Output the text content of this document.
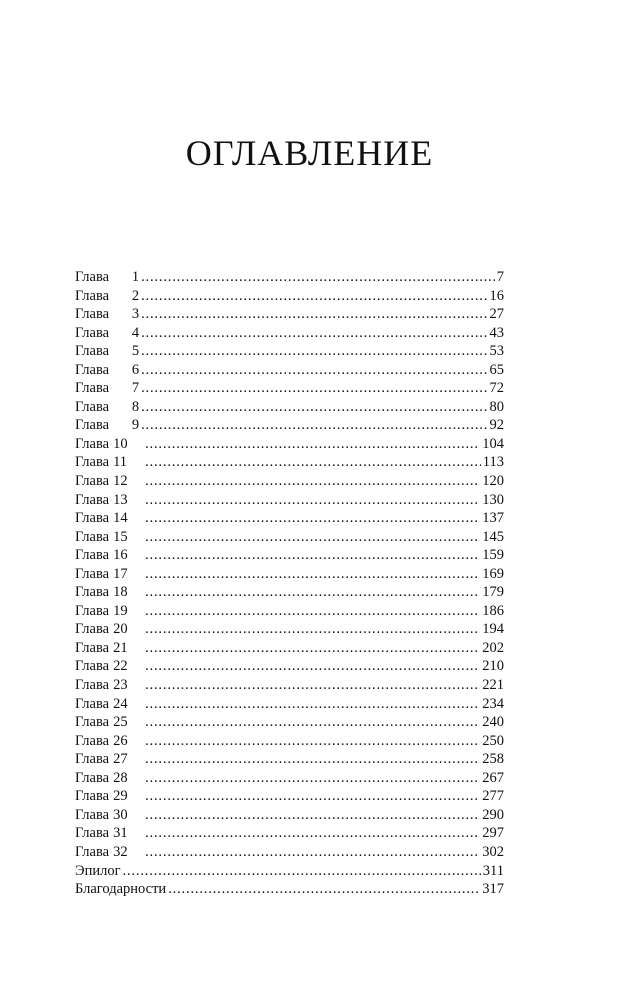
ОГЛАВЛЕНИЕ
Глава 1 . . .	7
Глава 2 . . .	16
Глава 3 . . .	27
Глава 4 . . .	43
Глава 5 . . .	53
Глава 6 . . .	65
Глава 7 . . .	72
Глава 8 . . .	80
Глава 9 . . .	92
Глава 10 . . .	104
Глава 11 . . .	113
Глава 12 . . .	120
Глава 13 . . .	130
Глава 14 . . .	137
Глава 15 . . .	145
Глава 16 . . .	159
Глава 17 . . .	169
Глава 18 . . .	179
Глава 19 . . .	186
Глава 20 . . .	194
Глава 21 . . .	202
Глава 22 . . .	210
Глава 23 . . .	221
Глава 24 . . .	234
Глава 25 . . .	240
Глава 26 . . .	250
Глава 27 . . .	258
Глава 28 . . .	267
Глава 29 . . .	277
Глава 30 . . .	290
Глава 31 . . .	297
Глава 32 . . .	302
Эпилог . . .	311
Благодарности . . .	317
